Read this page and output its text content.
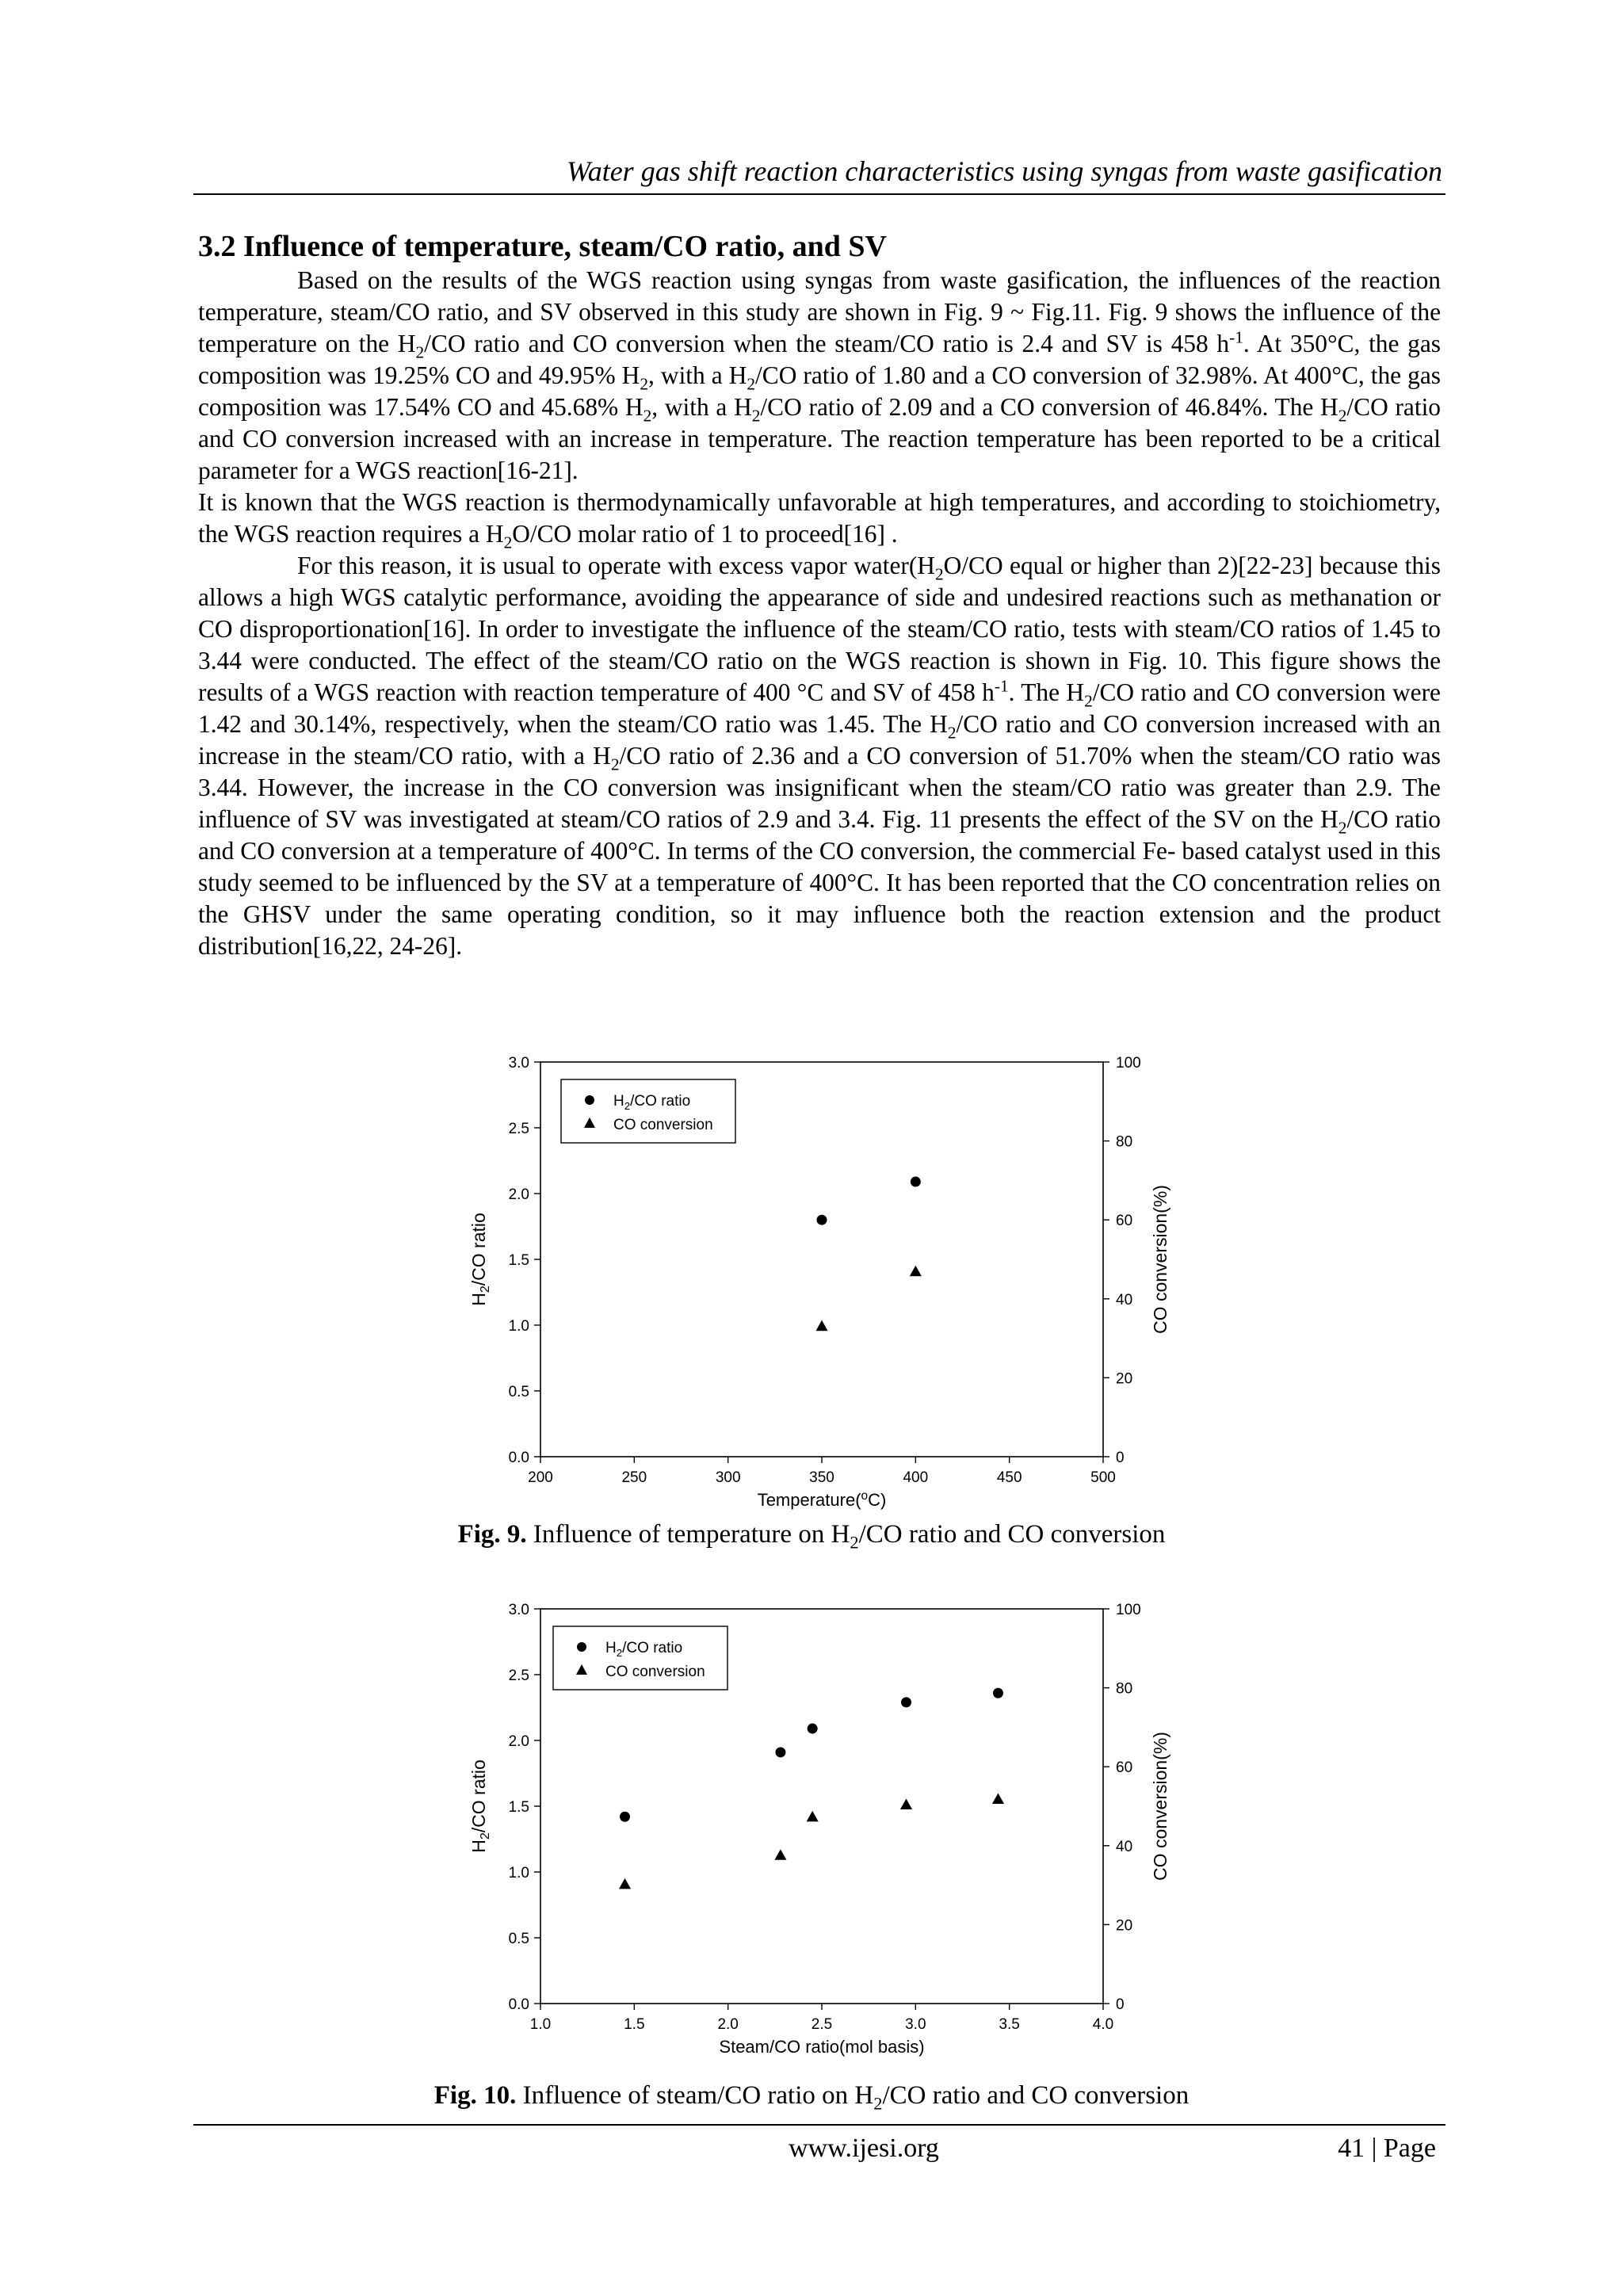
Water gas shift reaction characteristics using syngas from waste gasification
3.2 Influence of temperature, steam/CO ratio, and SV

Based on the results of the WGS reaction using syngas from waste gasification, the influences of the reaction temperature, steam/CO ratio, and SV observed in this study are shown in Fig. 9 ~ Fig.11. Fig. 9 shows the influence of the temperature on the $H_2/CO$ ratio and CO conversion when the steam/CO ratio is 2.4 and SV is 458 $h^{-1}$. At 350°C, the gas composition was 19.25% CO and 49.95% $H_2$, with a $H_2/CO$ ratio of 1.80 and a CO conversion of 32.98%. At 400°C, the gas composition was 17.54% CO and 45.68% $H_2$, with a $H_2/CO$ ratio of 2.09 and a CO conversion of 46.84%. The $H_2/CO$ ratio and CO conversion increased with an increase in temperature. The reaction temperature has been reported to be a critical parameter for a WGS reaction[16-21].

It is known that the WGS reaction is thermodynamically unfavorable at high temperatures, and according to stoichiometry, the WGS reaction requires a $H_2O/CO$ molar ratio of 1 to proceed[16] .

For this reason, it is usual to operate with excess vapor $water(H_2O/CO$ equal or higher than 2)[22-23] because this allows a high WGS catalytic performance, avoiding the appearance of side and undesired reactions such as methanation or CO disproportionation[16]. In order to investigate the influence of the steam/CO ratio, tests with steam/CO ratios of 1.45 to 3.44 were conducted. The effect of the steam/CO ratio on the WGS reaction is shown in Fig. 10. This figure shows the results of a WGS reaction with reaction temperature of 400 °C and SV of 458 $h^{-1}$. The $H_2/CO$ ratio and CO conversion were 1.42 and 30.14%, respectively, when the steam/CO ratio was 1.45. The $H_2/CO$ ratio and CO conversion increased with an increase in the steam/CO ratio, with a $H_2/CO$ ratio of 2.36 and a CO conversion of 51.70% when the steam/CO ratio was 3.44. However, the increase in the CO conversion was insignificant when the steam/CO ratio was greater than 2.9. The influence of SV was investigated at steam/CO ratios of 2.9 and 3.4. Fig. 11 presents the effect of the SV on the $H_2/CO$ ratio and CO conversion at a temperature of 400°C. In terms of the CO conversion, the commercial Fe- based catalyst used in this study seemed to be influenced by the SV at a temperature of 400°C. It has been reported that the CO concentration relies on the GHSV under the same operating condition, so it may influence both the reaction extension and the product distribution[16,22, 24-26].

200	250	300	350	400	450	500
0.0
0.5
1.0
1.5
2.0
2.5
3.0
0
20
40
60
80
100
Temperature($^o$C)
$H_2/CO$ ratio	CO conversion(%)
$H_2/CO$ ratio
CO conversion
Fig. 9. Influence of temperature on $H_2/CO$ ratio and CO conversion
1.0	1.5	2.0	2.5	3.0	3.5	4.0
0.0
0.5
1.0
1.5
2.0
2.5
3.0
0
20
40
60
80
100
Steam/CO ratio(mol basis)
$H_2/CO$ ratio	CO conversion(%)
$H_2/CO$ ratio
CO conversion
Fig. 10. Influence of steam/CO ratio on $H_2/CO$ ratio and CO conversion
www.ijesi.org	41 | Page
